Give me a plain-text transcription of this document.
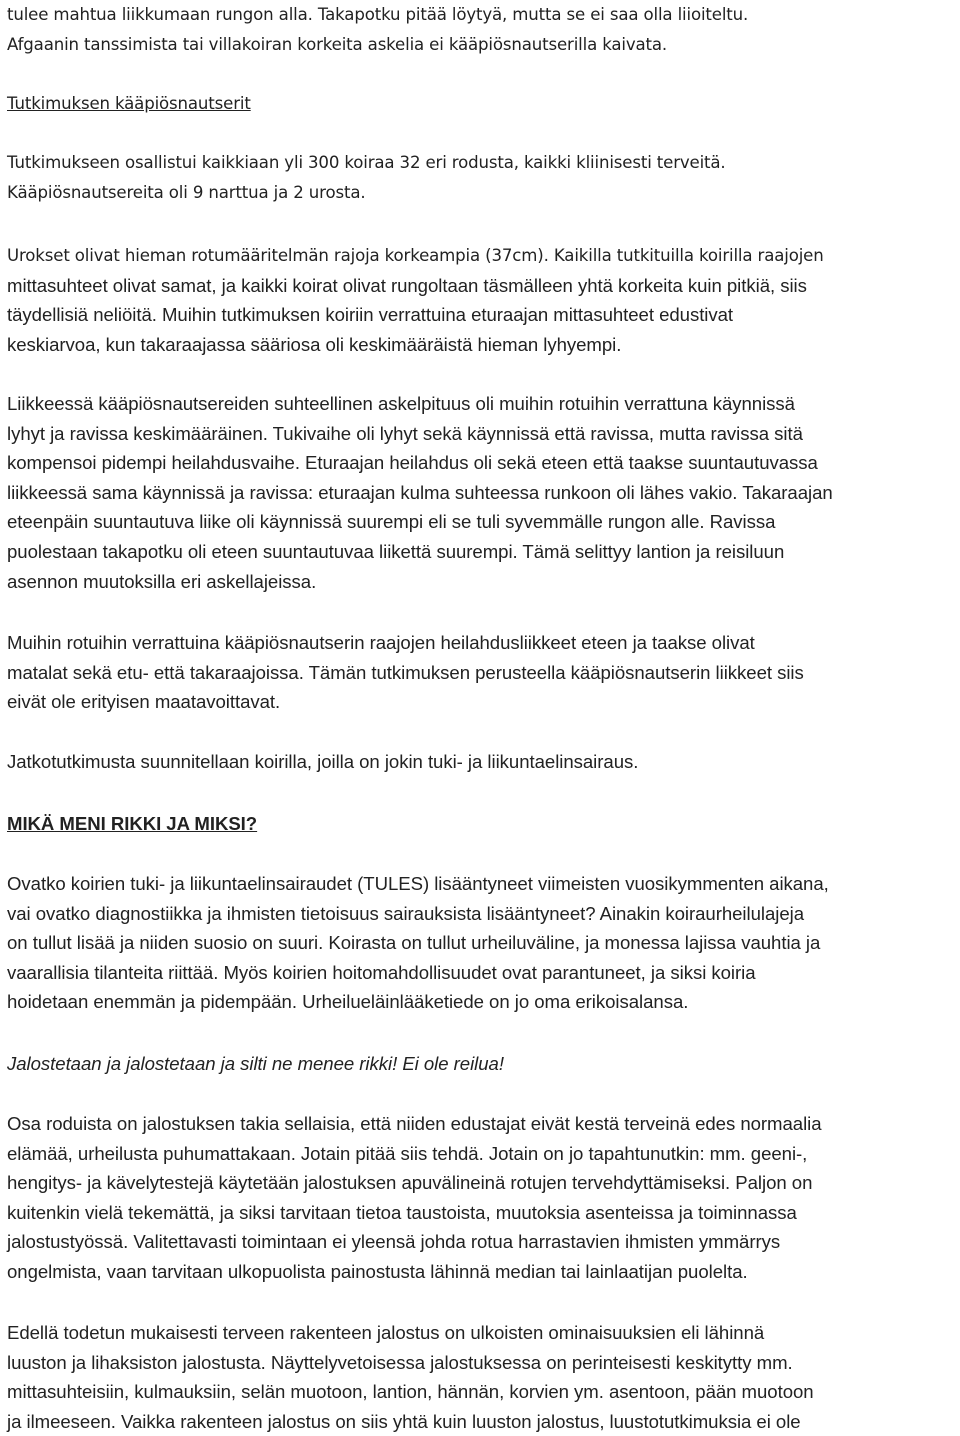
tulee mahtua liikkumaan rungon alla. Takapotku pitää löytyä, mutta se ei saa olla liioiteltu.

Afgaanin tanssimista tai villakoiran korkeita askelia ei kääpiösnautserilla kaivata.

Tutkimuksen kääpiösnautserit

Tutkimukseen osallistui kaikkiaan yli 300 koiraa 32 eri rodusta, kaikki kliinisesti terveitä.

Kääpiösnautsereita oli 9 narttua ja 2 urosta.

Urokset olivat hieman rotumääritelmän rajoja korkeampia (37cm). Kaikilla tutkituilla koirilla raajojen

mittasuhteet olivat samat, ja kaikki koirat olivat rungoltaan täsmälleen yhtä korkeita kuin pitkiä, siis

täydellisiä neliöitä. Muihin tutkimuksen koiriin verrattuina eturaajan mittasuhteet edustivat

keskiarvoa, kun takaraajassa sääriosa oli keskimääräistä hieman lyhyempi.

Liikkeessä kääpiösnautsereiden suhteellinen askelpituus oli muihin rotuihin verrattuna käynnissä

lyhyt ja ravissa keskimääräinen. Tukivaihe oli lyhyt sekä käynnissä että ravissa, mutta ravissa sitä

kompensoi pidempi heilahdusvaihe. Eturaajan heilahdus oli sekä eteen että taakse suuntautuvassa

liikkeessä sama käynnissä ja ravissa: eturaajan kulma suhteessa runkoon oli lähes vakio. Takaraajan

eteenpäin suuntautuva liike oli käynnissä suurempi eli se tuli syvemmälle rungon alle. Ravissa

puolestaan takapotku oli eteen suuntautuvaa liikettä suurempi. Tämä selittyy lantion ja reisiluun

asennon muutoksilla eri askellajeissa.

Muihin rotuihin verrattuina kääpiösnautserin raajojen heilahdusliikkeet eteen ja taakse olivat

matalat sekä etu- että takaraajoissa. Tämän tutkimuksen perusteella kääpiösnautserin liikkeet siis

eivät ole erityisen maatavoittavat.

Jatkotutkimusta suunnitellaan koirilla, joilla on jokin tuki- ja liikuntaelinsairaus.

MIKÄ MENI RIKKI JA MIKSI?

Ovatko koirien tuki- ja liikuntaelinsairaudet (TULES) lisääntyneet viimeisten vuosikymmenten aikana,

vai ovatko diagnostiikka ja ihmisten tietoisuus sairauksista lisääntyneet? Ainakin koiraurheilulajeja

on tullut lisää ja niiden suosio on suuri. Koirasta on tullut urheiluväline, ja monessa lajissa vauhtia ja

vaarallisia tilanteita riittää. Myös koirien hoitomahdollisuudet ovat parantuneet, ja siksi koiria

hoidetaan enemmän ja pidempään. Urheilueläinlääketiede on jo oma erikoisalansa.

Jalostetaan ja jalostetaan ja silti ne menee rikki! Ei ole reilua!

Osa roduista on jalostuksen takia sellaisia, että niiden edustajat eivät kestä terveinä edes normaalia

elämää, urheilusta puhumattakaan. Jotain pitää siis tehdä. Jotain on jo tapahtunutkin: mm. geeni-,

hengitys- ja kävelytestejä käytetään jalostuksen apuvälineinä rotujen tervehdyttämiseksi. Paljon on

kuitenkin vielä tekemättä, ja siksi tarvitaan tietoa taustoista, muutoksia asenteissa ja toiminnassa

jalostustyössä. Valitettavasti toimintaan ei yleensä johda rotua harrastavien ihmisten ymmärrys

ongelmista, vaan tarvitaan ulkopuolista painostusta lähinnä median tai lainlaatijan puolelta.

Edellä todetun mukaisesti terveen rakenteen jalostus on ulkoisten ominaisuuksien eli lähinnä

luuston ja lihaksiston jalostusta. Näyttelyvetoisessa jalostuksessa on perinteisesti keskitytty mm.

mittasuhteisiin, kulmauksiin, selän muotoon, lantion, hännän, korvien ym. asentoon, pään muotoon

ja ilmeeseen. Vaikka rakenteen jalostus on siis yhtä kuin luuston jalostus, luustotutkimuksia ei ole
